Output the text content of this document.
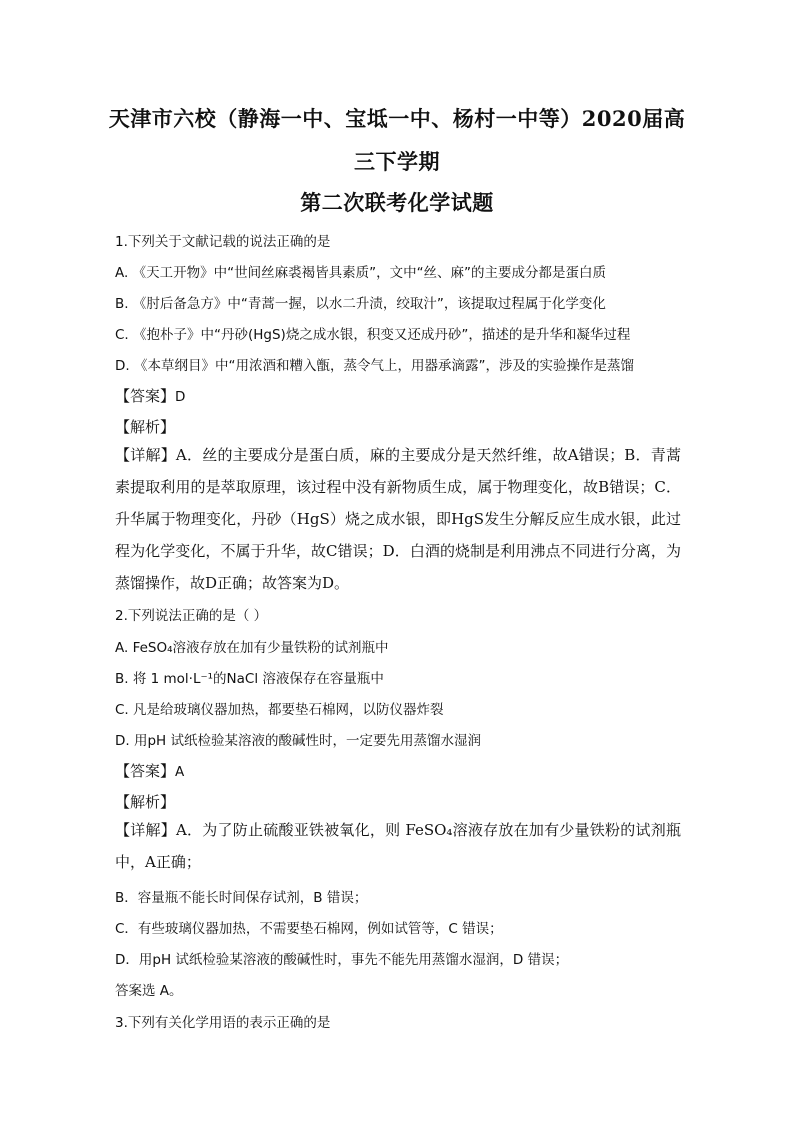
天津市六校（静海一中、宝坻一中、杨村一中等）2020届高
三下学期
第二次联考化学试题
1.下列关于文献记载的说法正确的是
A. 《天工开物》中“世间丝麻裘褐皆具素质”，文中“丝、麻”的主要成分都是蛋白质
B. 《肘后备急方》中“青蒿一握，以水二升渍，绞取汁”，该提取过程属于化学变化
C. 《抱朴子》中“丹砂(HgS)烧之成水银，积变又还成丹砂”，描述的是升华和凝华过程
D. 《本草纲目》中“用浓酒和糟入甑，蒸令气上，用器承滴露”，涉及的实验操作是蒸馏
【答案】D
【解析】
【详解】A．丝的主要成分是蛋白质，麻的主要成分是天然纤维，故A错误；B．青蒿素提取利用的是萃取原理，该过程中没有新物质生成，属于物理变化，故B错误；C．升华属于物理变化，丹砂（HgS）烧之成水银，即HgS发生分解反应生成水银，此过程为化学变化，不属于升华，故C错误；D．白酒的烧制是利用沸点不同进行分离，为蒸馏操作，故D正确；故答案为D。
2.下列说法正确的是（ ）
A. FeSO₄溶液存放在加有少量铁粉的试剂瓶中
B. 将 1 mol·L⁻¹的NaCl 溶液保存在容量瓶中
C. 凡是给玻璃仪器加热，都要垫石棉网，以防仪器炸裂
D. 用pH 试纸检验某溶液的酸碱性时，一定要先用蒸馏水湿润
【答案】A
【解析】
【详解】A．为了防止硫酸亚铁被氧化，则 FeSO₄溶液存放在加有少量铁粉的试剂瓶中，A正确；
B．容量瓶不能长时间保存试剂，B 错误；
C．有些玻璃仪器加热，不需要垫石棉网，例如试管等，C 错误；
D．用pH 试纸检验某溶液的酸碱性时，事先不能先用蒸馏水湿润，D 错误；
答案选 A。
3.下列有关化学用语的表示正确的是
